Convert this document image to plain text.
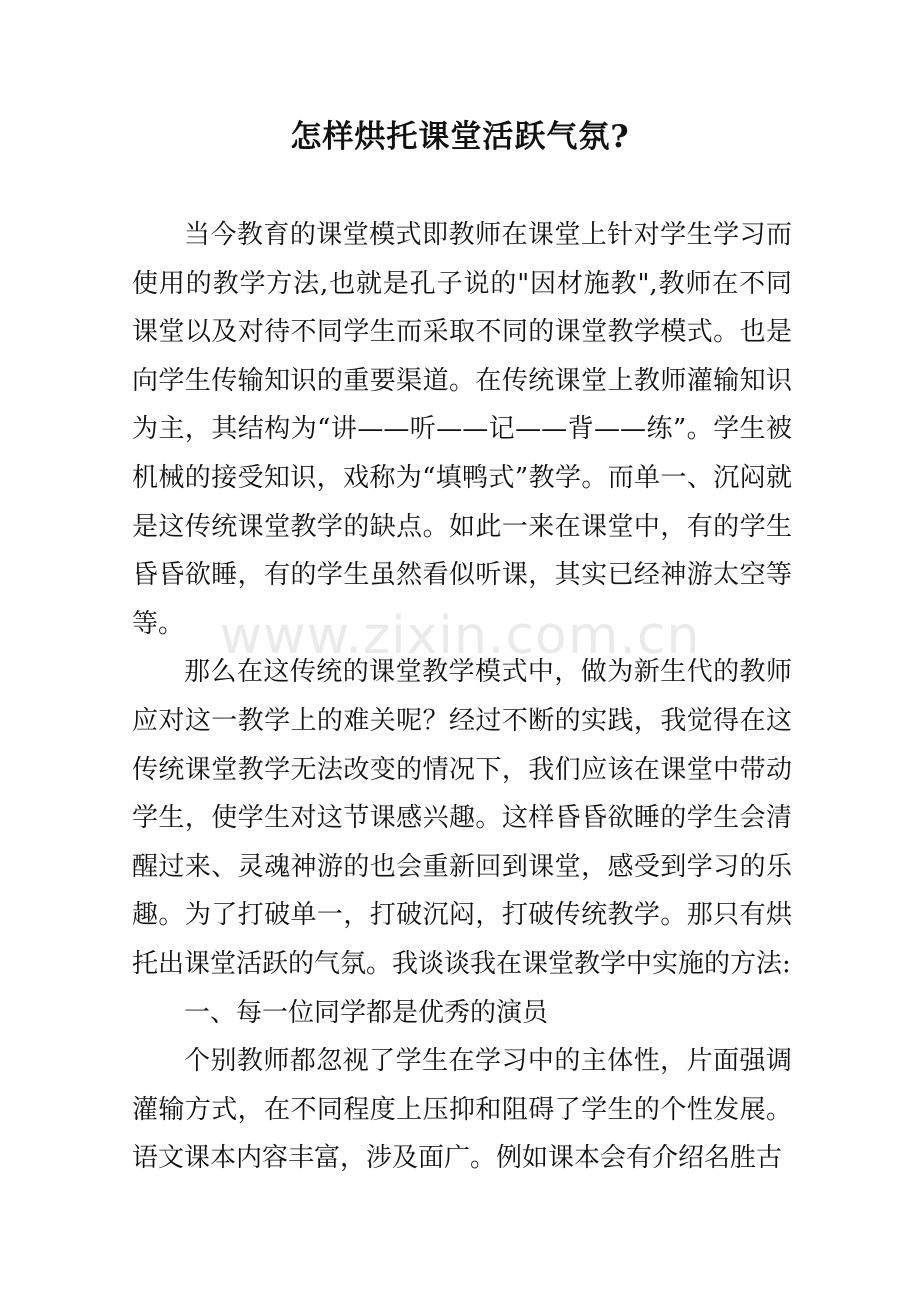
怎样烘托课堂活跃气氛?

当今教育的课堂模式即教师在课堂上针对学生学习而使用的教学方法,也就是孔子说的"因材施教",教师在不同课堂以及对待不同学生而采取不同的课堂教学模式。也是向学生传输知识的重要渠道。在传统课堂上教师灌输知识为主，其结构为“讲——听——记——背——练”。学生被机械的接受知识，戏称为“填鸭式”教学。而单一、沉闷就是这传统课堂教学的缺点。如此一来在课堂中，有的学生昏昏欲睡，有的学生虽然看似听课，其实已经神游太空等等。

那么在这传统的课堂教学模式中，做为新生代的教师应对这一教学上的难关呢？经过不断的实践，我觉得在这传统课堂教学无法改变的情况下，我们应该在课堂中带动学生，使学生对这节课感兴趣。这样昏昏欲睡的学生会清醒过来、灵魂神游的也会重新回到课堂，感受到学习的乐趣。为了打破单一，打破沉闷，打破传统教学。那只有烘托出课堂活跃的气氛。我谈谈我在课堂教学中实施的方法:

一、每一位同学都是优秀的演员

个别教师都忽视了学生在学习中的主体性，片面强调灌输方式，在不同程度上压抑和阻碍了学生的个性发展。语文课本内容丰富，涉及面广。例如课本会有介绍名胜古

www.zixin.com.cn
